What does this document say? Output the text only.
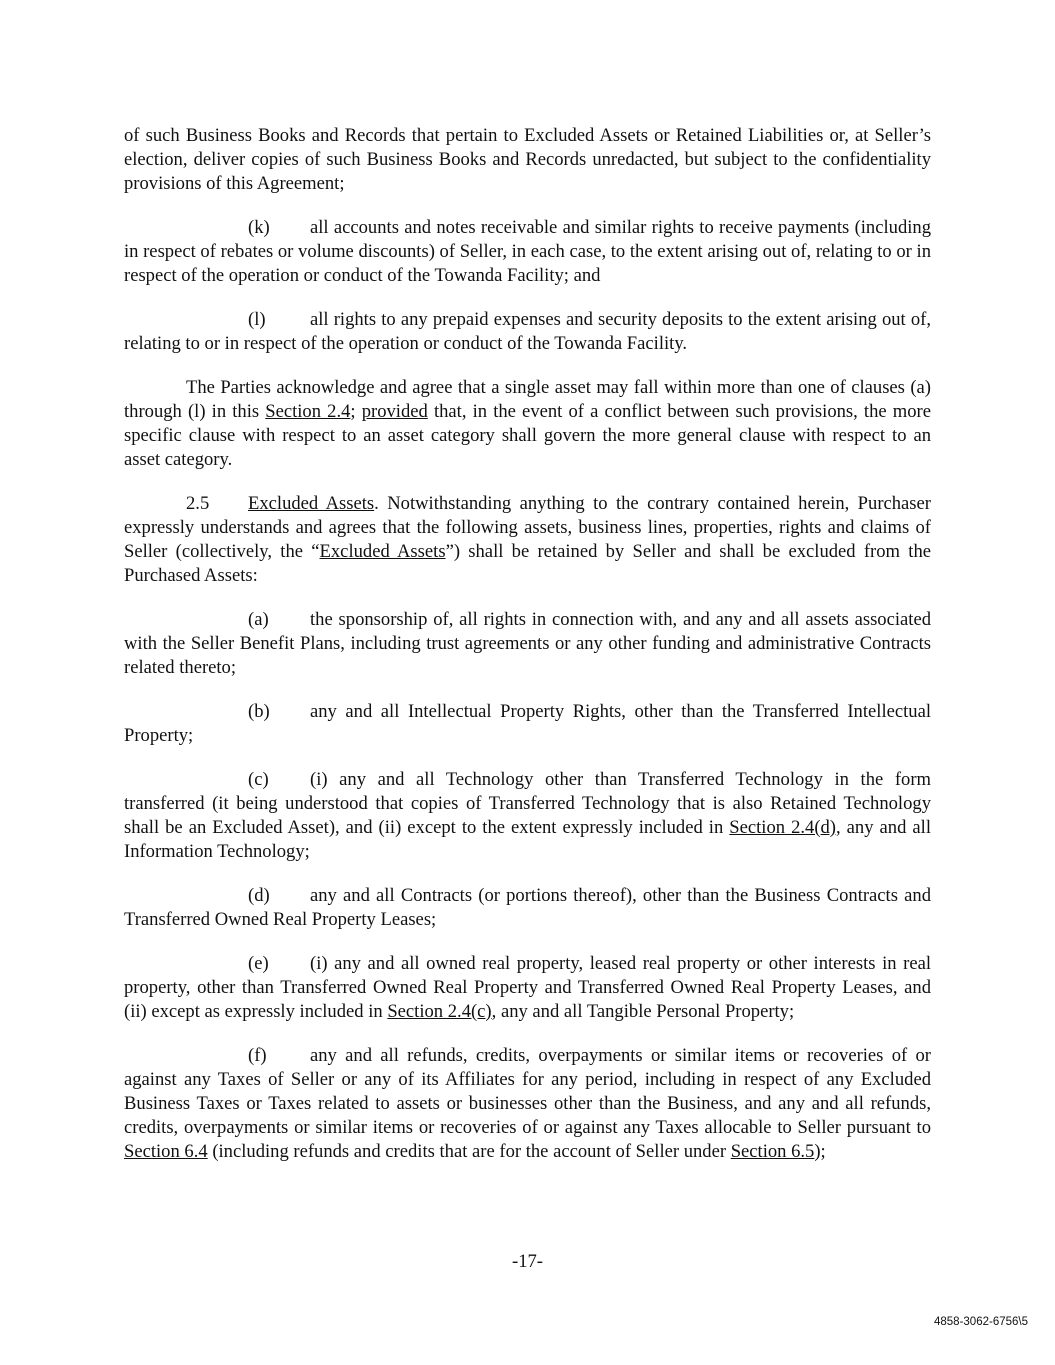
of such Business Books and Records that pertain to Excluded Assets or Retained Liabilities or, at Seller’s election, deliver copies of such Business Books and Records unredacted, but subject to the confidentiality provisions of this Agreement;

(k) all accounts and notes receivable and similar rights to receive payments (including in respect of rebates or volume discounts) of Seller, in each case, to the extent arising out of, relating to or in respect of the operation or conduct of the Towanda Facility; and

(l) all rights to any prepaid expenses and security deposits to the extent arising out of, relating to or in respect of the operation or conduct of the Towanda Facility.

The Parties acknowledge and agree that a single asset may fall within more than one of clauses (a) through (l) in this Section 2.4; provided that, in the event of a conflict between such provisions, the more specific clause with respect to an asset category shall govern the more general clause with respect to an asset category.

2.5 Excluded Assets. Notwithstanding anything to the contrary contained herein, Purchaser expressly understands and agrees that the following assets, business lines, properties, rights and claims of Seller (collectively, the “Excluded Assets”) shall be retained by Seller and shall be excluded from the Purchased Assets:

(a) the sponsorship of, all rights in connection with, and any and all assets associated with the Seller Benefit Plans, including trust agreements or any other funding and administrative Contracts related thereto;

(b) any and all Intellectual Property Rights, other than the Transferred Intellectual Property;

(c) (i) any and all Technology other than Transferred Technology in the form transferred (it being understood that copies of Transferred Technology that is also Retained Technology shall be an Excluded Asset), and (ii) except to the extent expressly included in Section 2.4(d), any and all Information Technology;

(d) any and all Contracts (or portions thereof), other than the Business Contracts and Transferred Owned Real Property Leases;

(e) (i) any and all owned real property, leased real property or other interests in real property, other than Transferred Owned Real Property and Transferred Owned Real Property Leases, and (ii) except as expressly included in Section 2.4(c), any and all Tangible Personal Property;

(f) any and all refunds, credits, overpayments or similar items or recoveries of or against any Taxes of Seller or any of its Affiliates for any period, including in respect of any Excluded Business Taxes or Taxes related to assets or businesses other than the Business, and any and all refunds, credits, overpayments or similar items or recoveries of or against any Taxes allocable to Seller pursuant to Section 6.4 (including refunds and credits that are for the account of Seller under Section 6.5);

-17-
4858-3062-6756\5
